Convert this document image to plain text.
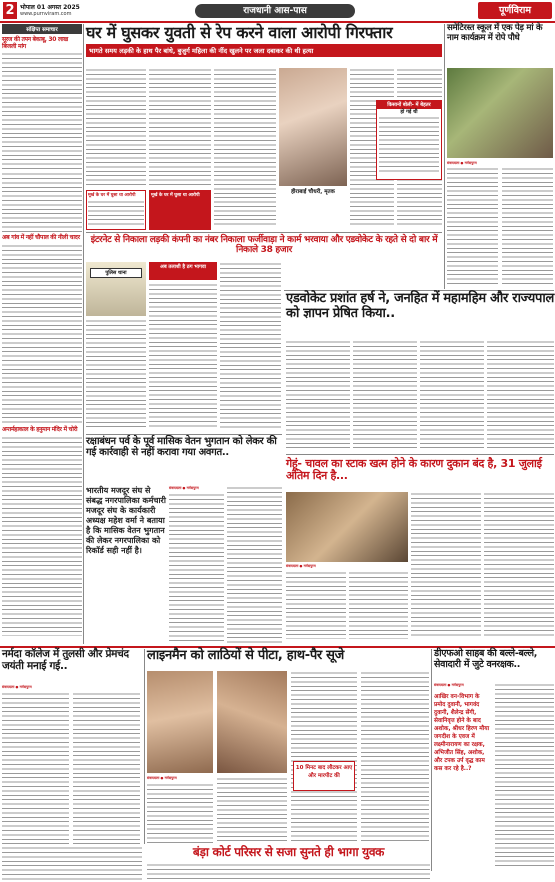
2 भोपाल 01 अगस्त 2025
www.purnviram.com	राजधानी आस-पास	पूर्णविराम
संक्षिप्त समाचार
सूरज की तपन बेकाबू, 30 लाख बिजली मांग
अब गांव में नहीं चौपाल की नीली चादर
अन्तर्महाकाल के हनुमान मंदिर में चोरी
घर में घुसकर युवती से रेप करने वाला आरोपी गिरफ्तार
भागते समय लड़की के हाथ पैर बांधे, बुजुर्ग महिला की नींद खुलने पर जला दबाकर की थी हत्या
मूर्ख के घर में घुसा था आरोपी	मूर्ख के घर में घुसा था आरोपी
हीराबाई चौधरी, मृतक
इंटरनेट से निकाला लड़की कंपनी का नंबर निकाला फर्जीवाड़ा ने कार्म भरवाया और एडवोकेट के रहते से दो बार में निकाले 38 हजार
समेटिरस्त स्कूल में एक पेड़ मां के नाम कार्यक्रम में रोपे पौधे
संवाददाता ● नर्मदापुरम
किसानों बोली- में बेहतर
हो गई थी
पुलिस थाना
अब तलाशी है ठग भागवा
एडवोकेट प्रशांत हर्ष ने, जनहित में महामहिम और राज्यपाल को ज्ञापन प्रेषित किया..
गेहूं- चावल का स्टाक खत्म होने के कारण दुकान बंद है, 31 जुलाई अंतिम दिन है...
संवाददाता ● नर्मदापुरम
रक्षाबंधन पर्व के पूर्व मासिक वेतन भुगतान को लेकर की गई कार्रवाही से नहीं करावा गया अवगत..
भारतीय मजदूर संघ से संबद्ध नगरपालिका कर्मचारी मजदूर संघ के कार्यकारी अध्यक्ष महेश वर्मा ने बताया है कि मासिक वेतन भुगतान की लेकर नगरपालिका को रिकॉर्ड सही नहीं है।
संवाददाता ● नर्मदापुरम
नर्मदा कॉलेज में तुलसी और प्रेमचंद जयंती मनाई गई..
संवाददाता ● नर्मदापुरम
लाइनमैन को लाठियों से पीटा, हाथ-पैर सूजे
संवाददाता ● नर्मदापुरम
10 मिनट बाद लौटकर आए और मारपीट की
डीएफओ साहब की बल्ले-बल्ले, सेवादारी में जुटे वनरक्षक..
संवाददाता ● नर्मदापुरम
आखिर वन-विभाग के प्रमोद दुवानी, भागवंद दुवानी, शैलेन्द्र सेंगी, सेवानिवृत्त होने के बाद अशोक, श्रीधर हिरण मौया जगदीश के एवज में लक्ष्मीनारायण का रक्षक, अभिजीत सिंह, अशोक, और टपक उर्प वृद्ध काम कस कर रहे है..?
बंड़ा कोर्ट परिसर से सजा सुनते ही भागा युवक
